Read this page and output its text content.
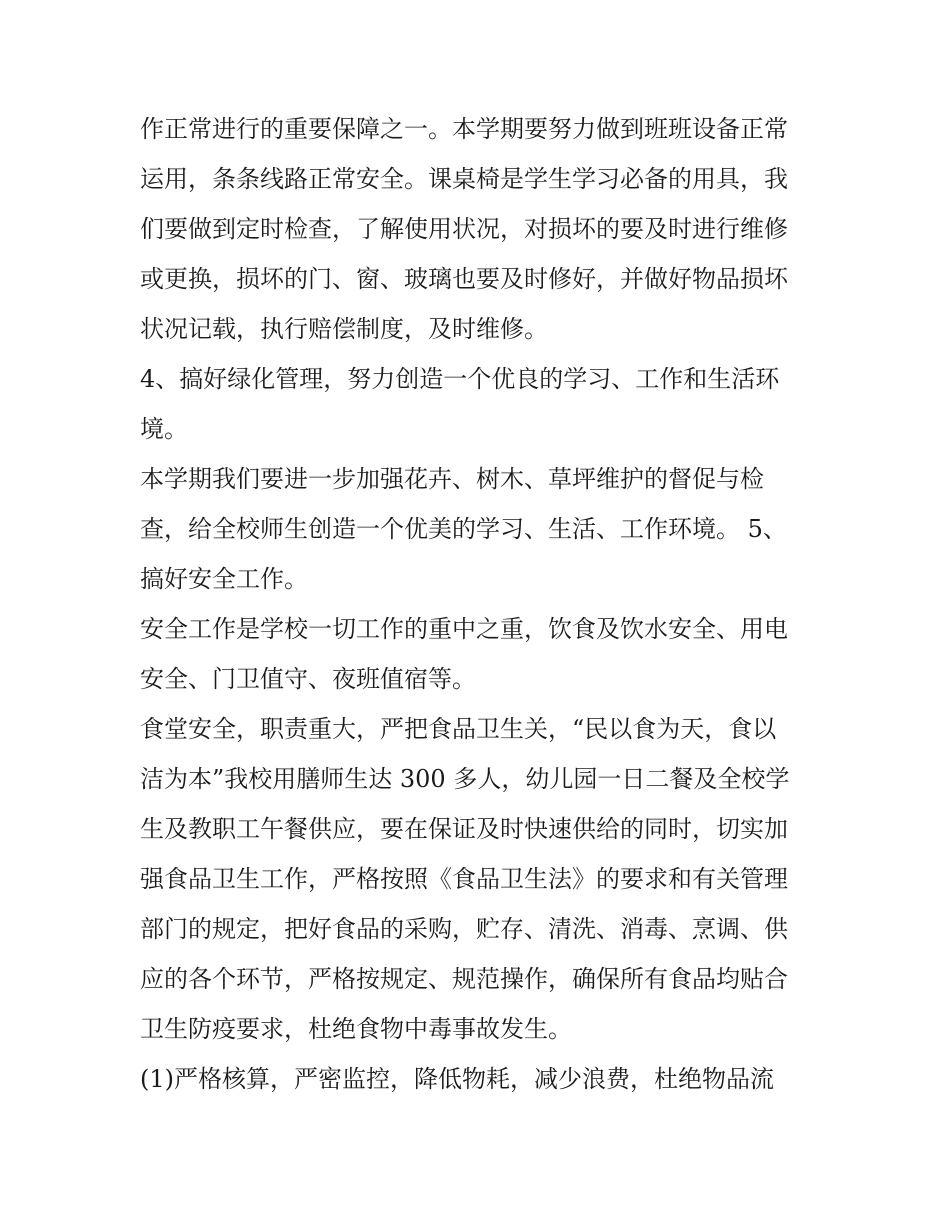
作正常进行的重要保障之一。本学期要努力做到班班设备正常
运用，条条线路正常安全。课桌椅是学生学习必备的用具，我
们要做到定时检查，了解使用状况，对损坏的要及时进行维修
或更换，损坏的门、窗、玻璃也要及时修好，并做好物品损坏
状况记载，执行赔偿制度，及时维修。
4、搞好绿化管理，努力创造一个优良的学习、工作和生活环
境。
本学期我们要进一步加强花卉、树木、草坪维护的督促与检
查，给全校师生创造一个优美的学习、生活、工作环境。 5、
搞好安全工作。
安全工作是学校一切工作的重中之重，饮食及饮水安全、用电
安全、门卫值守、夜班值宿等。
食堂安全，职责重大，严把食品卫生关，“民以食为天，食以
洁为本”我校用膳师生达 300 多人，幼儿园一日二餐及全校学
生及教职工午餐供应，要在保证及时快速供给的同时，切实加
强食品卫生工作，严格按照《食品卫生法》的要求和有关管理
部门的规定，把好食品的采购，贮存、清洗、消毒、烹调、供
应的各个环节，严格按规定、规范操作，确保所有食品均贴合
卫生防疫要求，杜绝食物中毒事故发生。
(1)严格核算，严密监控，降低物耗，减少浪费，杜绝物品流
